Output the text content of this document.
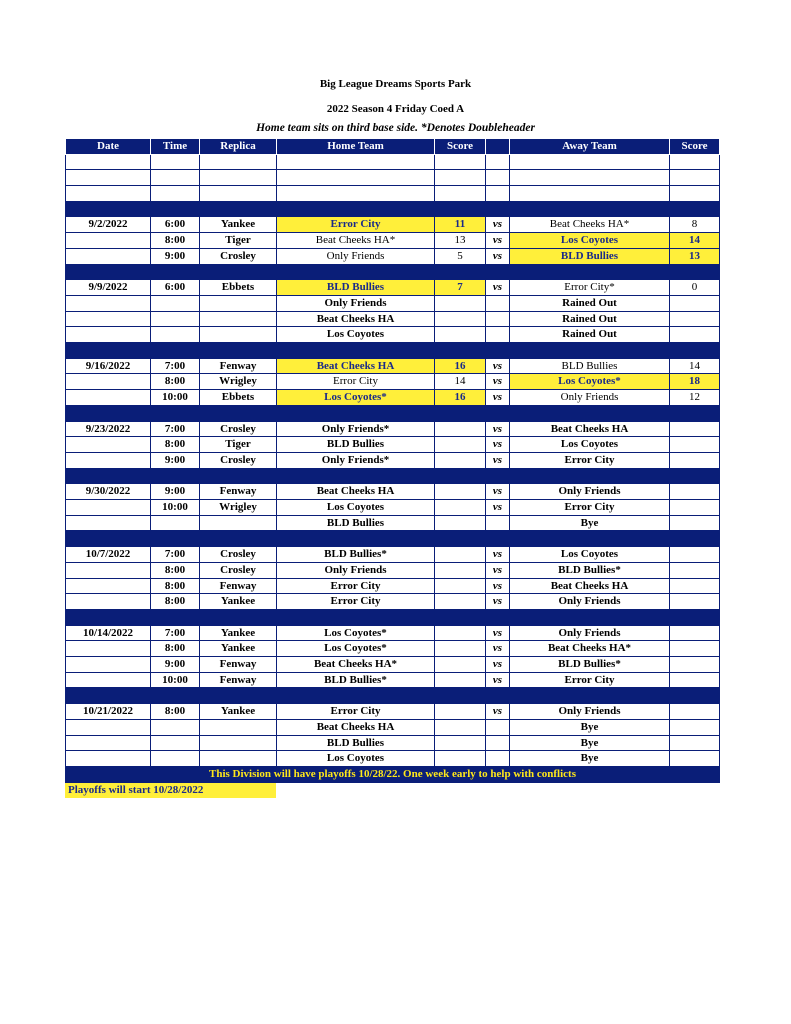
Big League Dreams Sports Park
2022 Season 4 Friday Coed A
Home team sits on third base side. *Denotes Doubleheader
Date	Time	Replica	Home Team	Score		Away Team	Score

9/2/2022	6:00	Yankee	Error City	11	vs	Beat Cheeks HA*	8
	8:00	Tiger	Beat Cheeks HA*	13	vs	Los Coyotes	14
	9:00	Crosley	Only Friends	5	vs	BLD Bullies	13

9/9/2022	6:00	Ebbets	BLD Bullies	7	vs	Error City*	0
			Only Friends			Rained Out	
			Beat Cheeks HA			Rained Out	
			Los Coyotes			Rained Out	

9/16/2022	7:00	Fenway	Beat Cheeks HA	16	vs	BLD Bullies	14
	8:00	Wrigley	Error City	14	vs	Los Coyotes*	18
	10:00	Ebbets	Los Coyotes*	16	vs	Only Friends	12

9/23/2022	7:00	Crosley	Only Friends*		vs	Beat Cheeks HA	
	8:00	Tiger	BLD Bullies		vs	Los Coyotes	
	9:00	Crosley	Only Friends*		vs	Error City	

9/30/2022	9:00	Fenway	Beat Cheeks HA		vs	Only Friends	
	10:00	Wrigley	Los Coyotes		vs	Error City	
			BLD Bullies			Bye	

10/7/2022	7:00	Crosley	BLD Bullies*		vs	Los Coyotes	
	8:00	Crosley	Only Friends		vs	BLD Bullies*	
	8:00	Fenway	Error City		vs	Beat Cheeks HA	
	8:00	Yankee	Error City		vs	Only Friends	

10/14/2022	7:00	Yankee	Los Coyotes*		vs	Only Friends	
	8:00	Yankee	Los Coyotes*		vs	Beat Cheeks HA*	
	9:00	Fenway	Beat Cheeks HA*		vs	BLD Bullies*	
	10:00	Fenway	BLD Bullies*		vs	Error City	

10/21/2022	8:00	Yankee	Error City		vs	Only Friends	
			Beat Cheeks HA			Bye	
			BLD Bullies			Bye	
			Los Coyotes			Bye	
This Division will have playoffs 10/28/22. One week early to help with conflicts							
Playoffs will start 10/28/2022
